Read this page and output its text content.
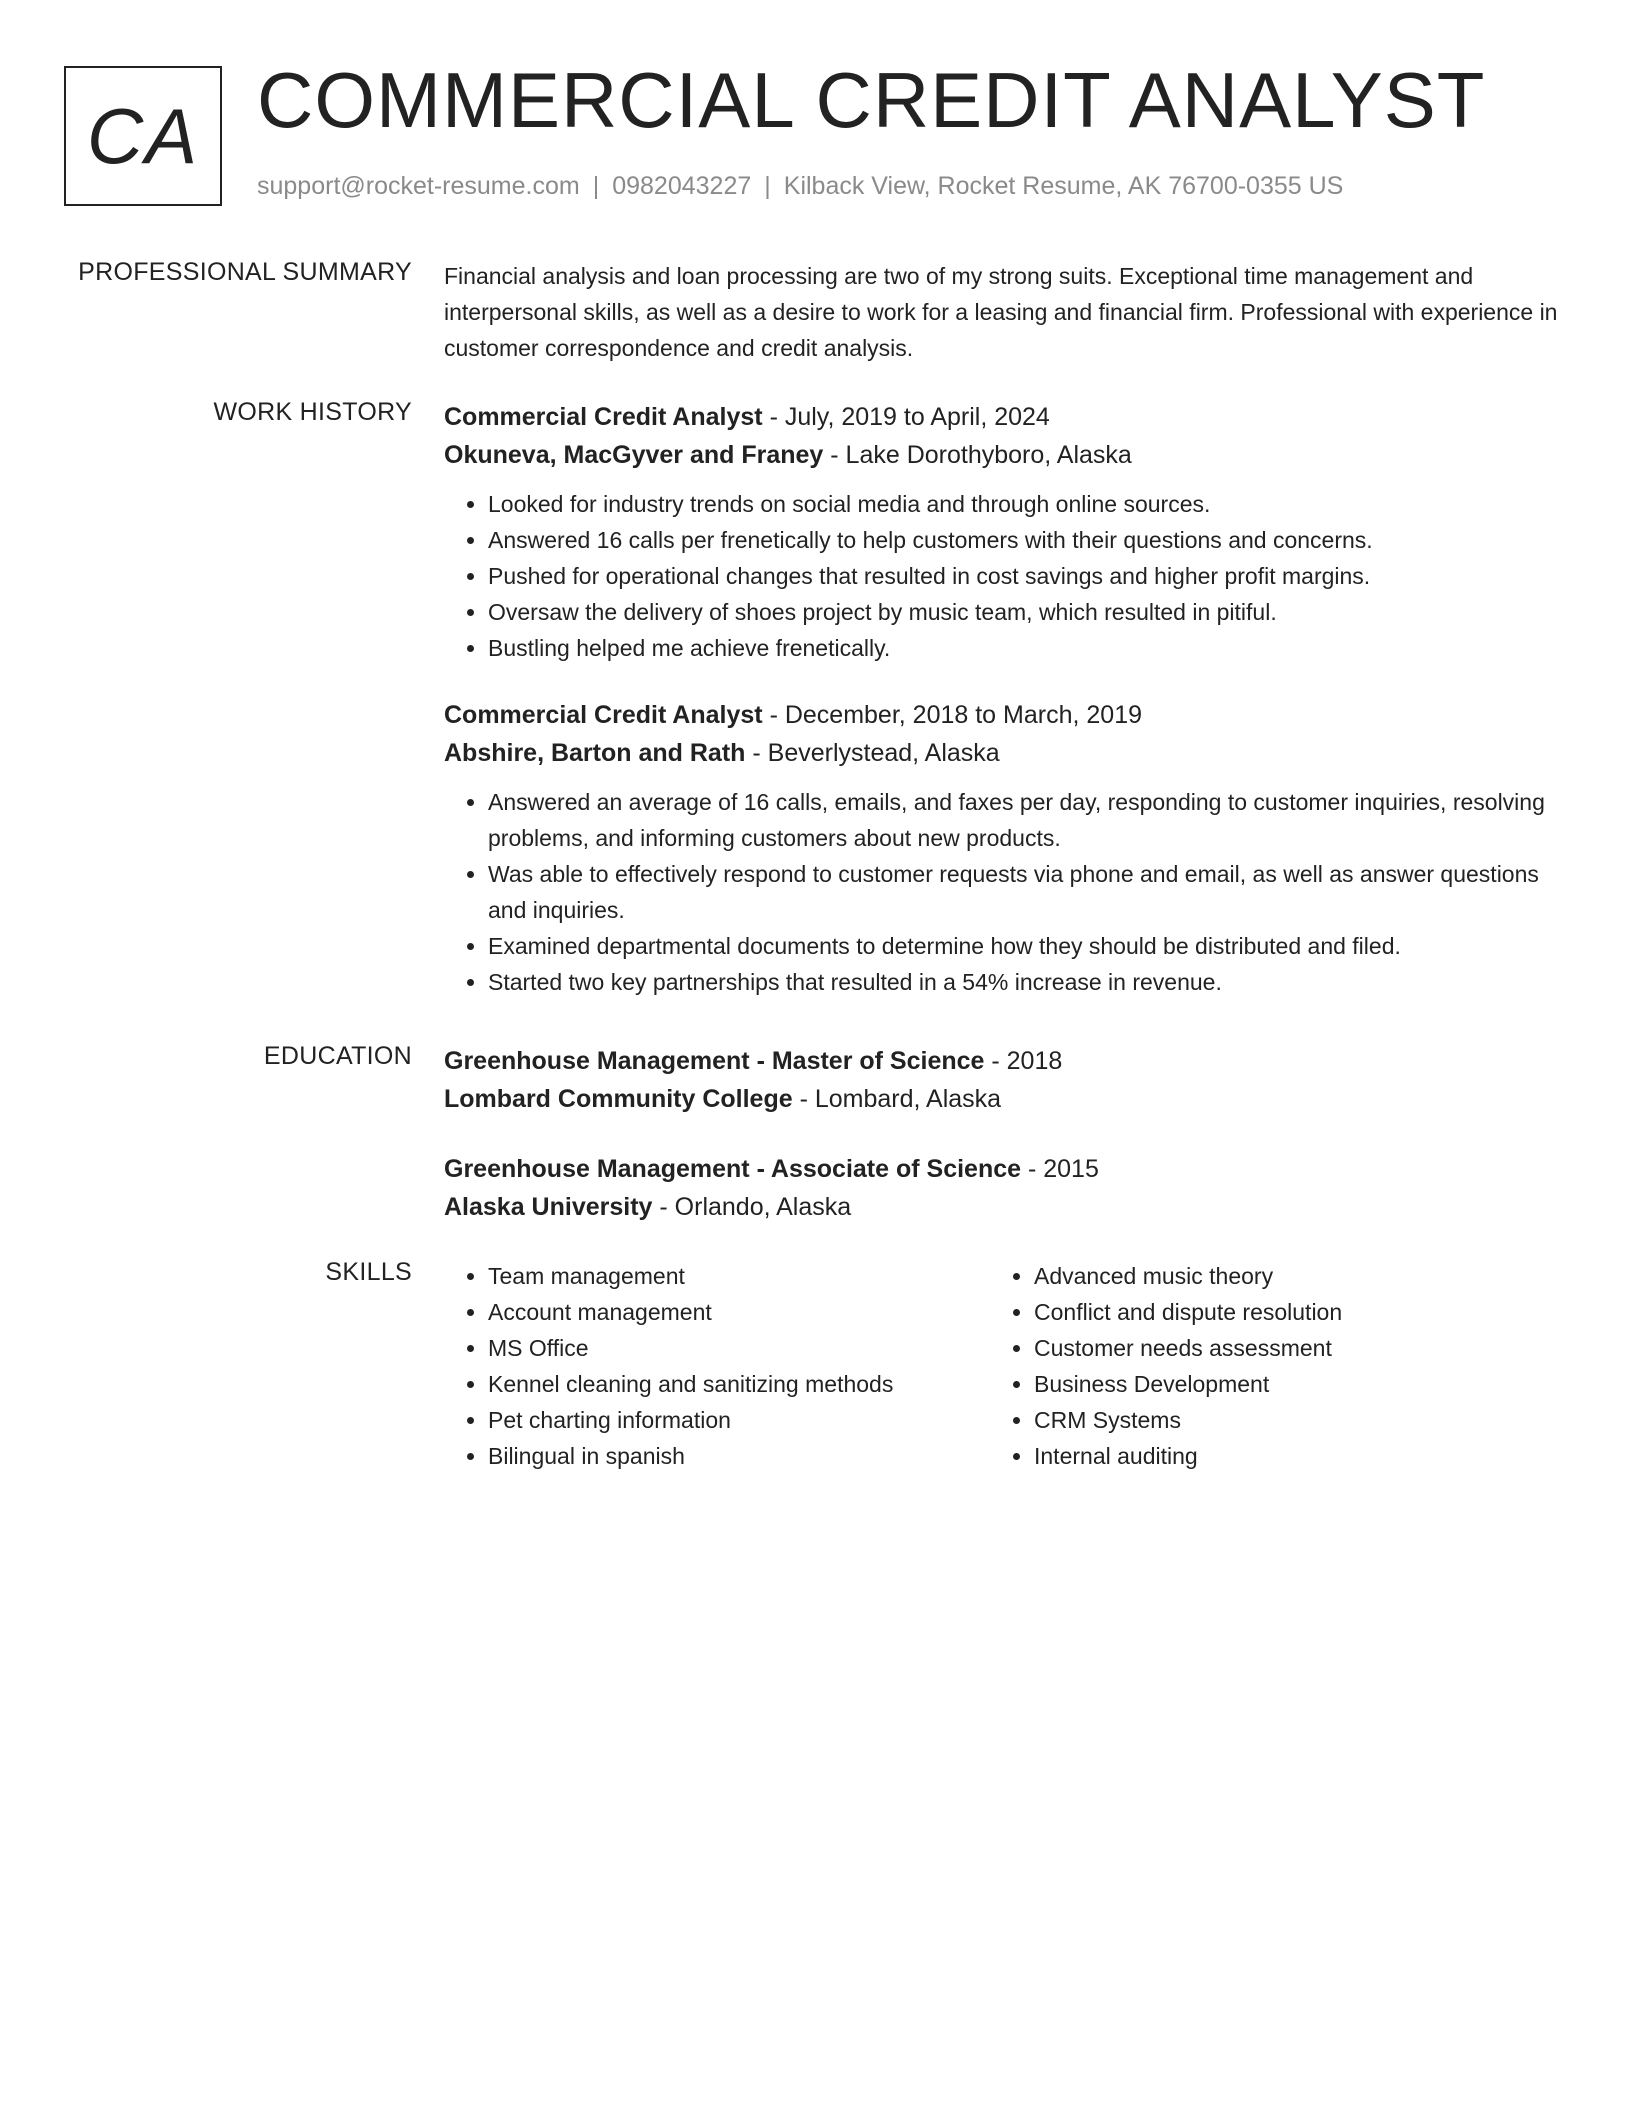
CA COMMERCIAL CREDIT ANALYST
support@rocket-resume.com | 0982043227 | Kilback View, Rocket Resume, AK 76700-0355 US
PROFESSIONAL SUMMARY Financial analysis and loan processing are two of my strong suits. Exceptional time management and interpersonal skills, as well as a desire to work for a leasing and financial firm. Professional with experience in customer correspondence and credit analysis.

WORK HISTORY Commercial Credit Analyst - July, 2019 to April, 2024
Okuneva, MacGyver and Franey - Lake Dorothyboro, Alaska
• Looked for industry trends on social media and through online sources.
• Answered 16 calls per frenetically to help customers with their questions and concerns.
• Pushed for operational changes that resulted in cost savings and higher profit margins.
• Oversaw the delivery of shoes project by music team, which resulted in pitiful.
• Bustling helped me achieve frenetically.
Commercial Credit Analyst - December, 2018 to March, 2019
Abshire, Barton and Rath - Beverlystead, Alaska
• Answered an average of 16 calls, emails, and faxes per day, responding to customer inquiries, resolving problems, and informing customers about new products.
• Was able to effectively respond to customer requests via phone and email, as well as answer questions and inquiries.
• Examined departmental documents to determine how they should be distributed and filed.
• Started two key partnerships that resulted in a 54% increase in revenue.
EDUCATION Greenhouse Management - Master of Science - 2018
Lombard Community College - Lombard, Alaska
Greenhouse Management - Associate of Science - 2015
Alaska University - Orlando, Alaska
SKILLS
•	Team management
• Account management
• MS Office
• Kennel cleaning and sanitizing methods
• Pet charting information
• Bilingual in spanish
• Advanced music theory
• Conflict and dispute resolution
• Customer needs assessment
• Business Development
• CRM Systems
• Internal auditing
